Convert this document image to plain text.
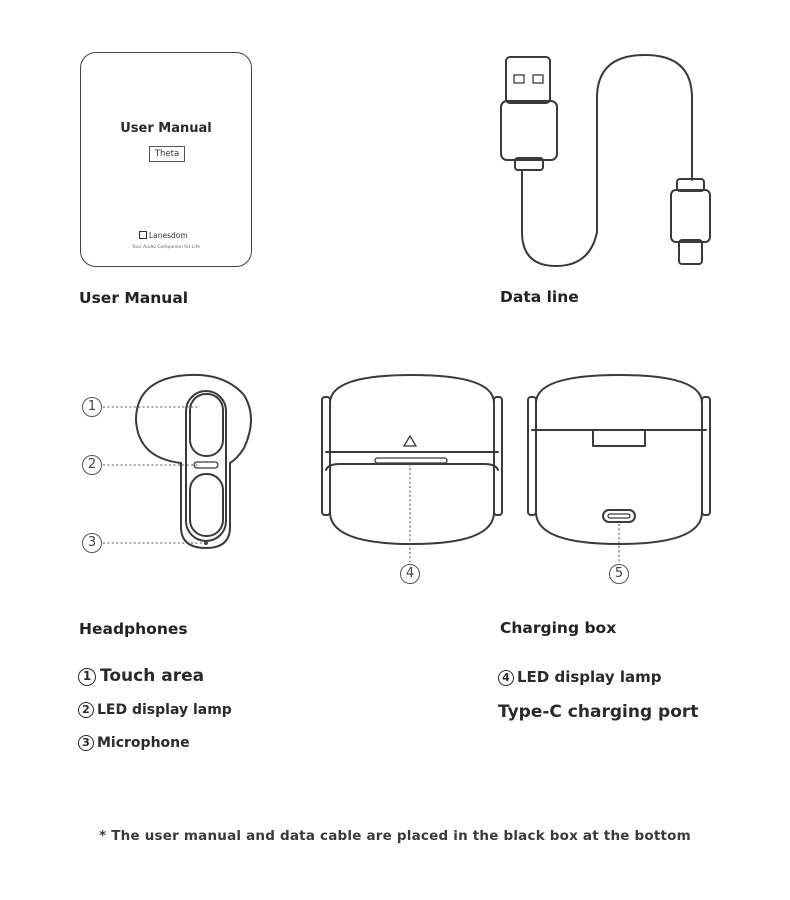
User Manual
Theta
Lanesdom
Your Audio Companion for Life
User Manual	Data line
1
2
3
4	5
Headphones	Charging box
1 Touch area
2 LED display lamp
3 Microphone
4 LED display lamp
Type-C charging port
* The user manual and data cable are placed in the black box at the bottom
